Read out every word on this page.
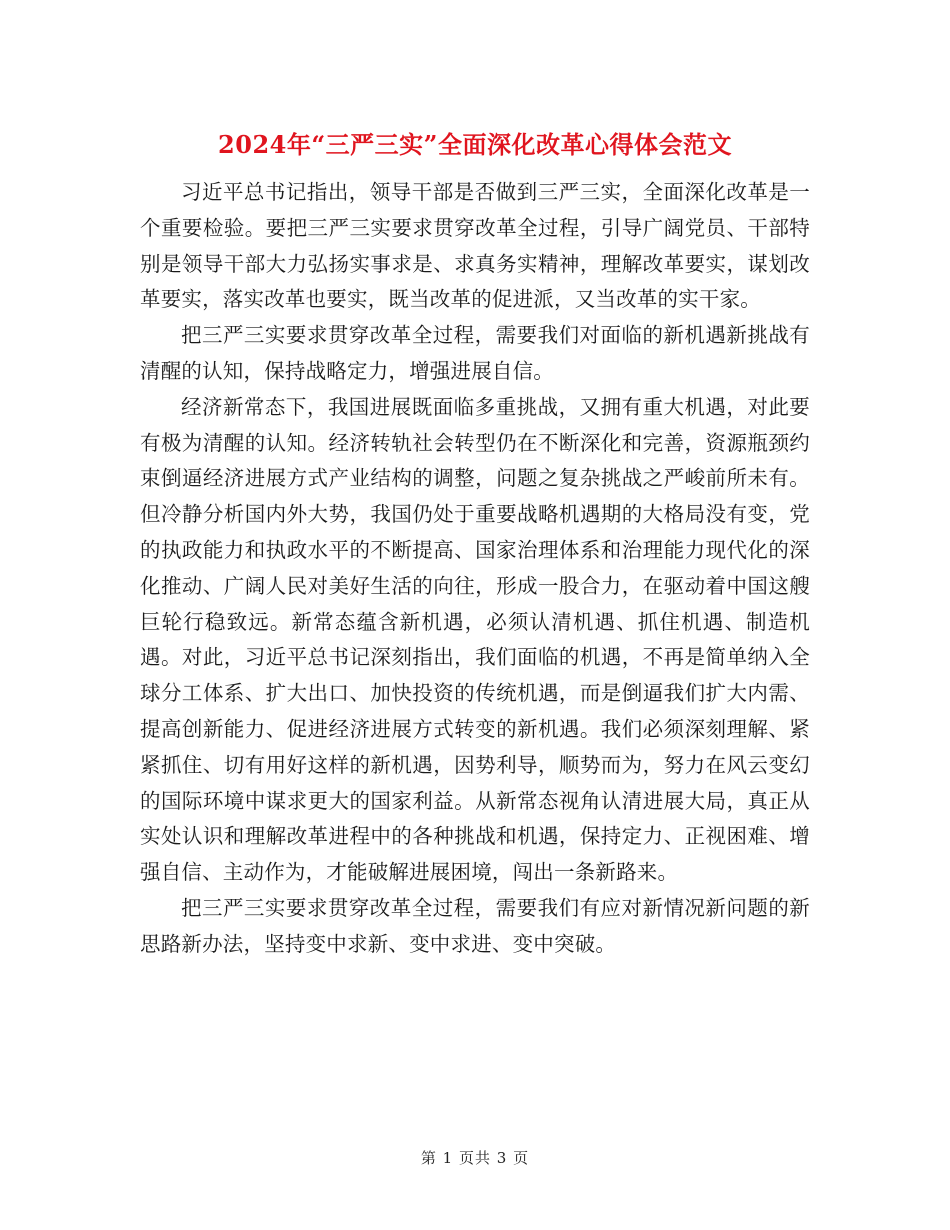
2024年“三严三实”全面深化改革心得体会范文

习近平总书记指出，领导干部是否做到三严三实，全面深化改革是一个重要检验。要把三严三实要求贯穿改革全过程，引导广阔党员、干部特别是领导干部大力弘扬实事求是、求真务实精神，理解改革要实，谋划改革要实，落实改革也要实，既当改革的促进派，又当改革的实干家。

把三严三实要求贯穿改革全过程，需要我们对面临的新机遇新挑战有清醒的认知，保持战略定力，增强进展自信。

经济新常态下，我国进展既面临多重挑战，又拥有重大机遇，对此要有极为清醒的认知。经济转轨社会转型仍在不断深化和完善，资源瓶颈约束倒逼经济进展方式产业结构的调整，问题之复杂挑战之严峻前所未有。但冷静分析国内外大势，我国仍处于重要战略机遇期的大格局没有变，党的执政能力和执政水平的不断提高、国家治理体系和治理能力现代化的深化推动、广阔人民对美好生活的向往，形成一股合力，在驱动着中国这艘巨轮行稳致远。新常态蕴含新机遇，必须认清机遇、抓住机遇、制造机遇。对此，习近平总书记深刻指出，我们面临的机遇，不再是简单纳入全球分工体系、扩大出口、加快投资的传统机遇，而是倒逼我们扩大内需、提高创新能力、促进经济进展方式转变的新机遇。我们必须深刻理解、紧紧抓住、切有用好这样的新机遇，因势利导，顺势而为，努力在风云变幻的国际环境中谋求更大的国家利益。从新常态视角认清进展大局，真正从实处认识和理解改革进程中的各种挑战和机遇，保持定力、正视困难、增强自信、主动作为，才能破解进展困境，闯出一条新路来。

把三严三实要求贯穿改革全过程，需要我们有应对新情况新问题的新思路新办法，坚持变中求新、变中求进、变中突破。

第 1 页共 3 页
